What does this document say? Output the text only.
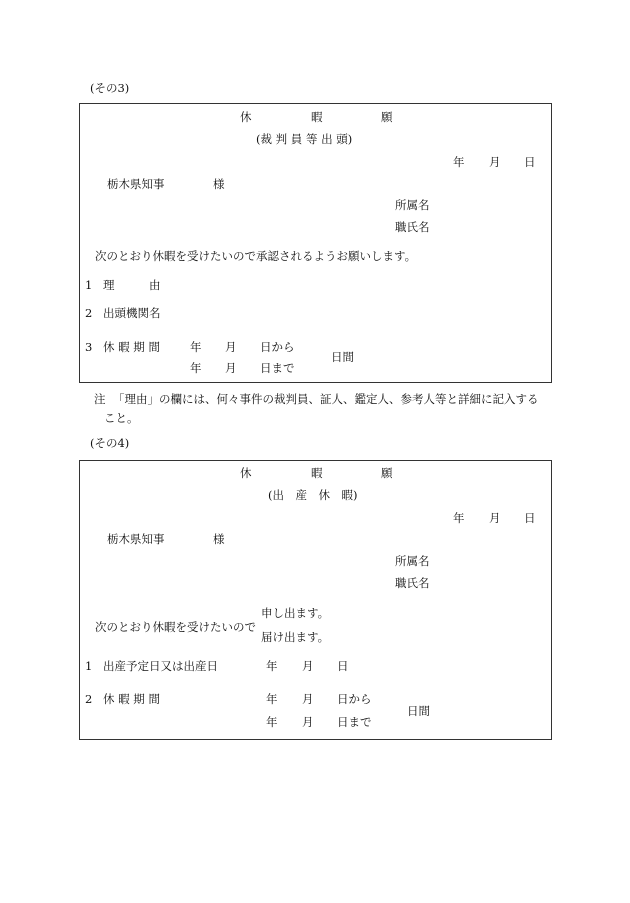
(その3)
休	暇	願
(裁 判 員 等 出 頭)
年 月 日
栃木県知事	様
所属名
職氏名
次のとおり休暇を受けたいので承認されるようお願いします。
1 理	由
2 出頭機関名
3 休 暇 期 間	年 月 日から
年 月 日まで
日間
注 「理由」の欄には、何々事件の裁判員、証人、鑑定人、参考人等と詳細に記入する
こと。
(その4)
休	暇	願
(出　産　休　暇)
年 月 日
栃木県知事	様
所属名
職氏名
次のとおり休暇を受けたいので
申し出ます。
届け出ます。
1 出産予定日又は出産日	年 月 日
2 休 暇 期 間	年 月 日から
年 月 日まで
日間
